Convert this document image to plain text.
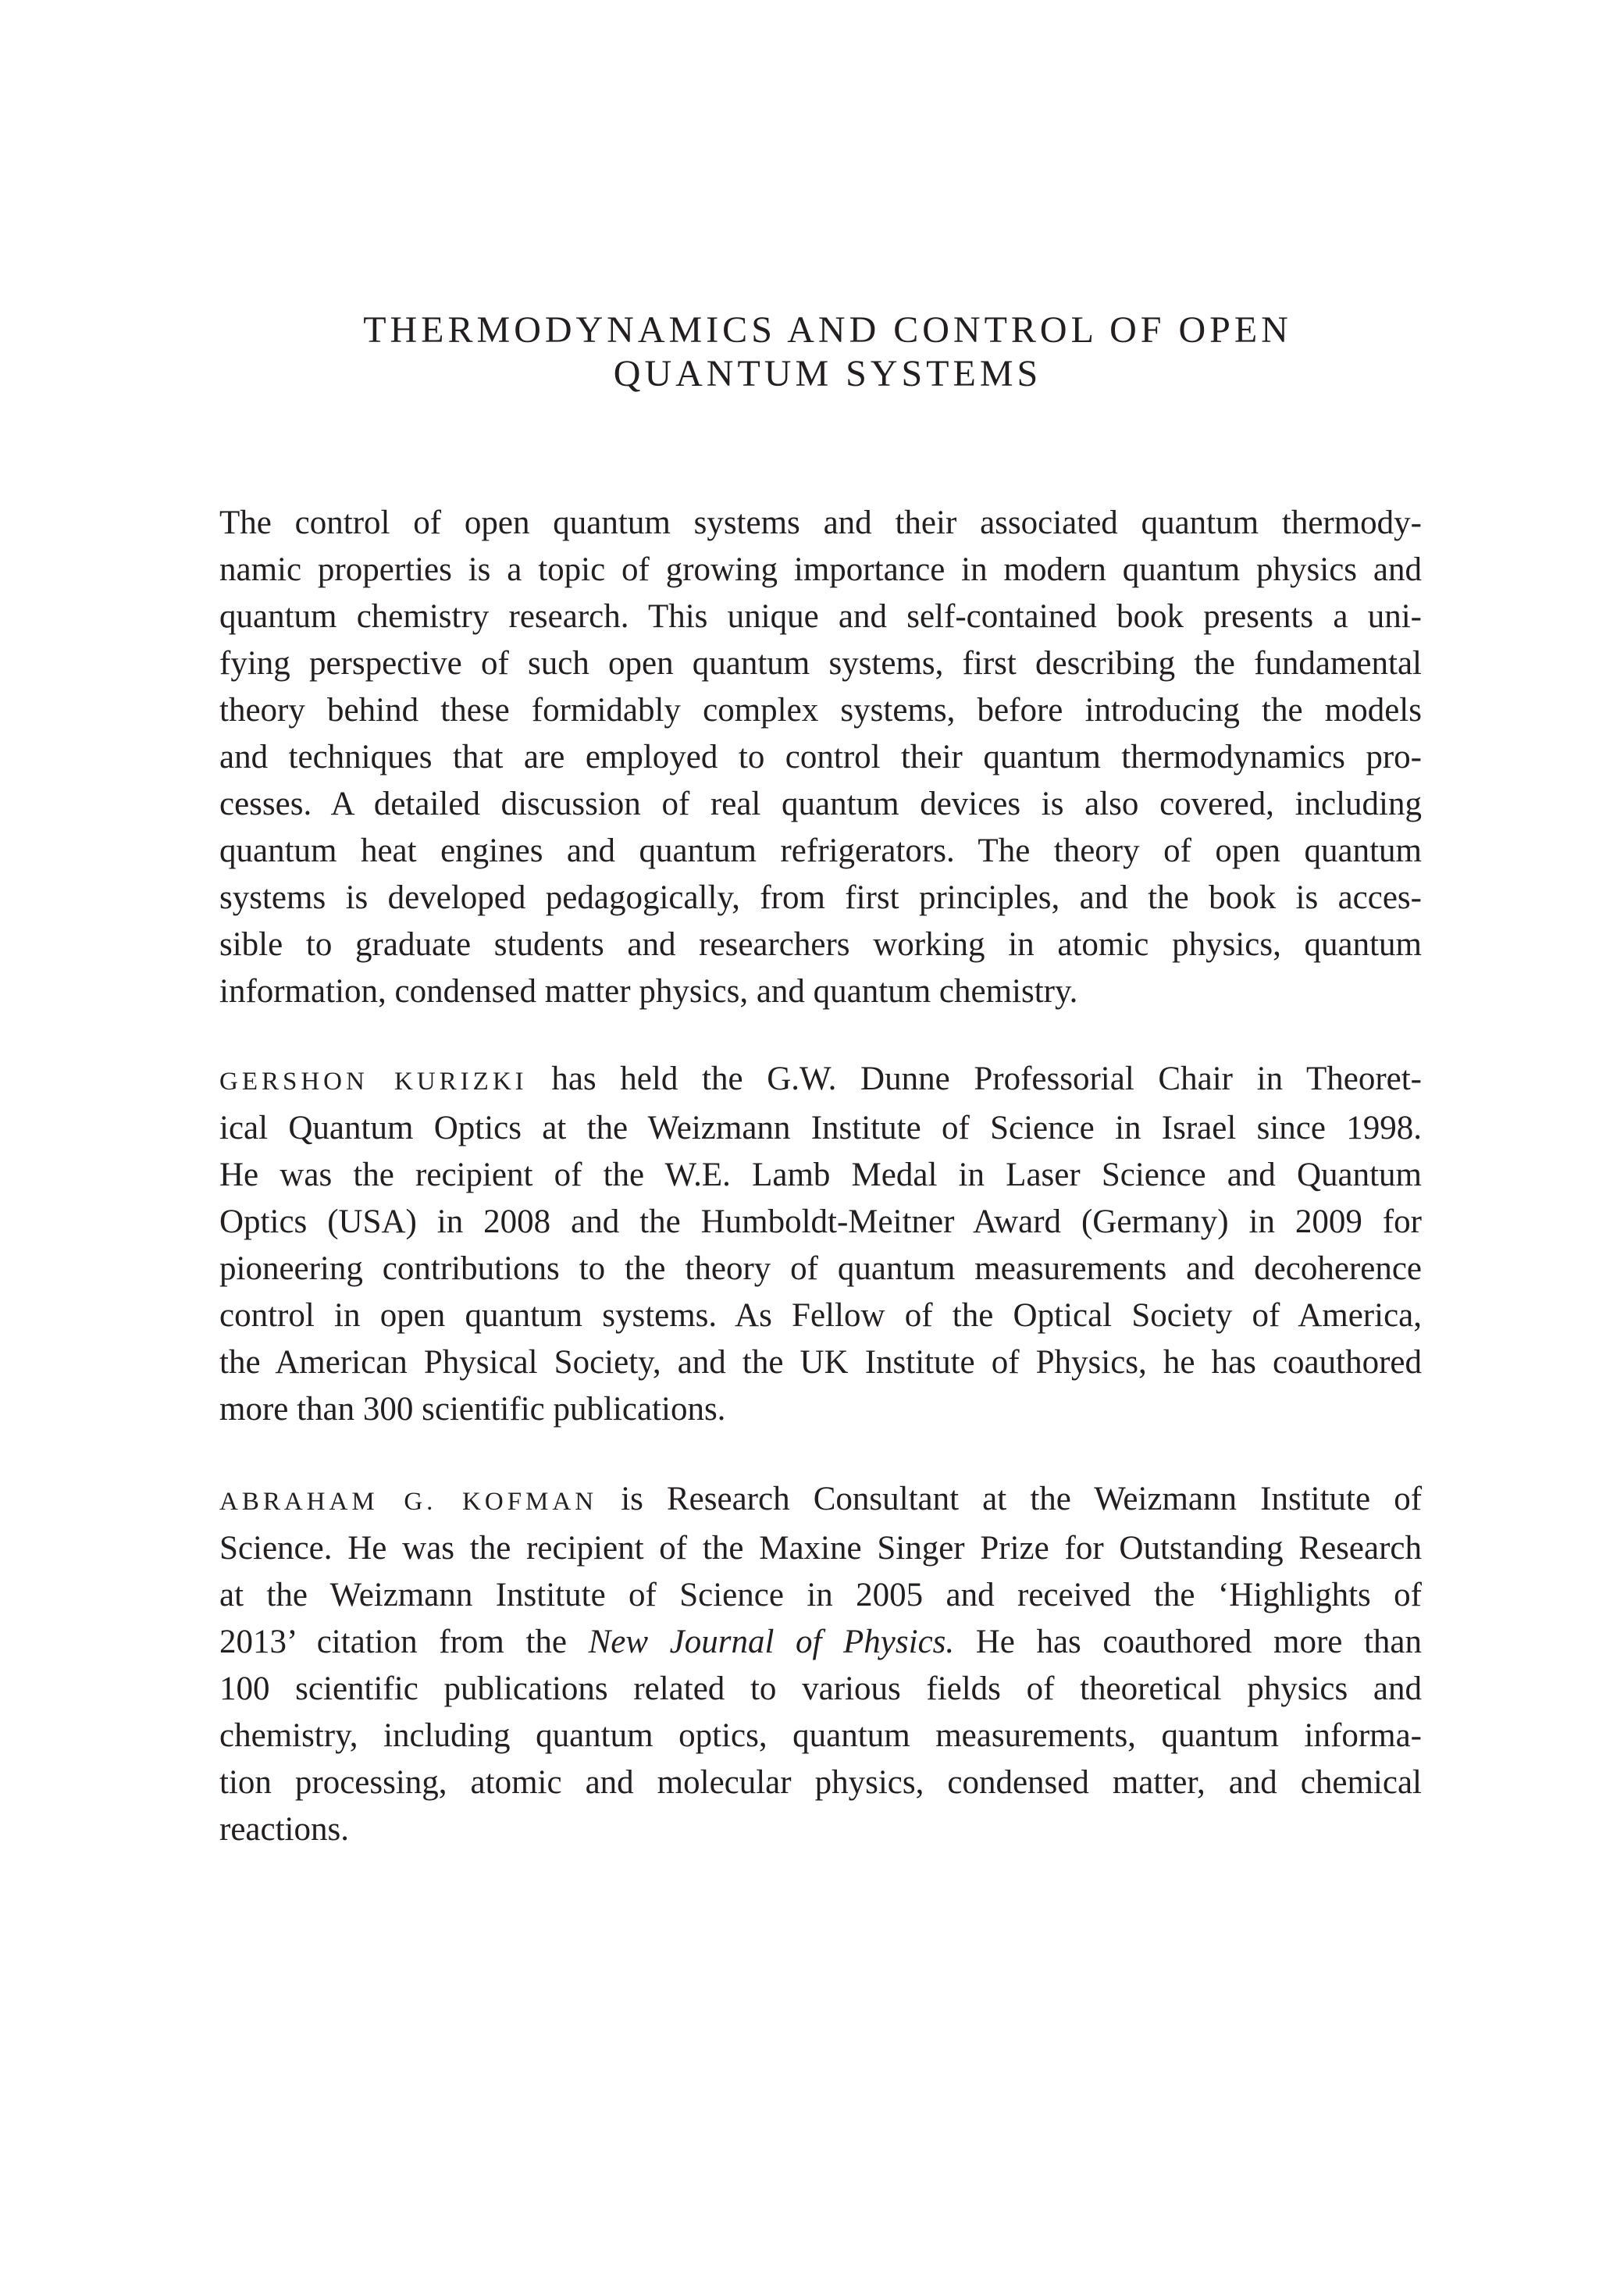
THERMODYNAMICS AND CONTROL OF OPEN
QUANTUM SYSTEMS

The control of open quantum systems and their associated quantum thermody-
namic properties is a topic of growing importance in modern quantum physics and
quantum chemistry research. This unique and self-contained book presents a uni-
fying perspective of such open quantum systems, first describing the fundamental
theory behind these formidably complex systems, before introducing the models
and techniques that are employed to control their quantum thermodynamics pro-
cesses. A detailed discussion of real quantum devices is also covered, including
quantum heat engines and quantum refrigerators. The theory of open quantum
systems is developed pedagogically, from first principles, and the book is acces-
sible to graduate students and researchers working in atomic physics, quantum
information, condensed matter physics, and quantum chemistry.

GERSHON KURIZKI has held the G.W. Dunne Professorial Chair in Theoret-
ical Quantum Optics at the Weizmann Institute of Science in Israel since 1998.
He was the recipient of the W.E. Lamb Medal in Laser Science and Quantum
Optics (USA) in 2008 and the Humboldt-Meitner Award (Germany) in 2009 for
pioneering contributions to the theory of quantum measurements and decoherence
control in open quantum systems. As Fellow of the Optical Society of America,
the American Physical Society, and the UK Institute of Physics, he has coauthored
more than 300 scientific publications.

ABRAHAM G. KOFMAN is Research Consultant at the Weizmann Institute of
Science. He was the recipient of the Maxine Singer Prize for Outstanding Research
at the Weizmann Institute of Science in 2005 and received the ‘Highlights of
2013’ citation from the New Journal of Physics. He has coauthored more than
100 scientific publications related to various fields of theoretical physics and
chemistry, including quantum optics, quantum measurements, quantum informa-
tion processing, atomic and molecular physics, condensed matter, and chemical
reactions.
